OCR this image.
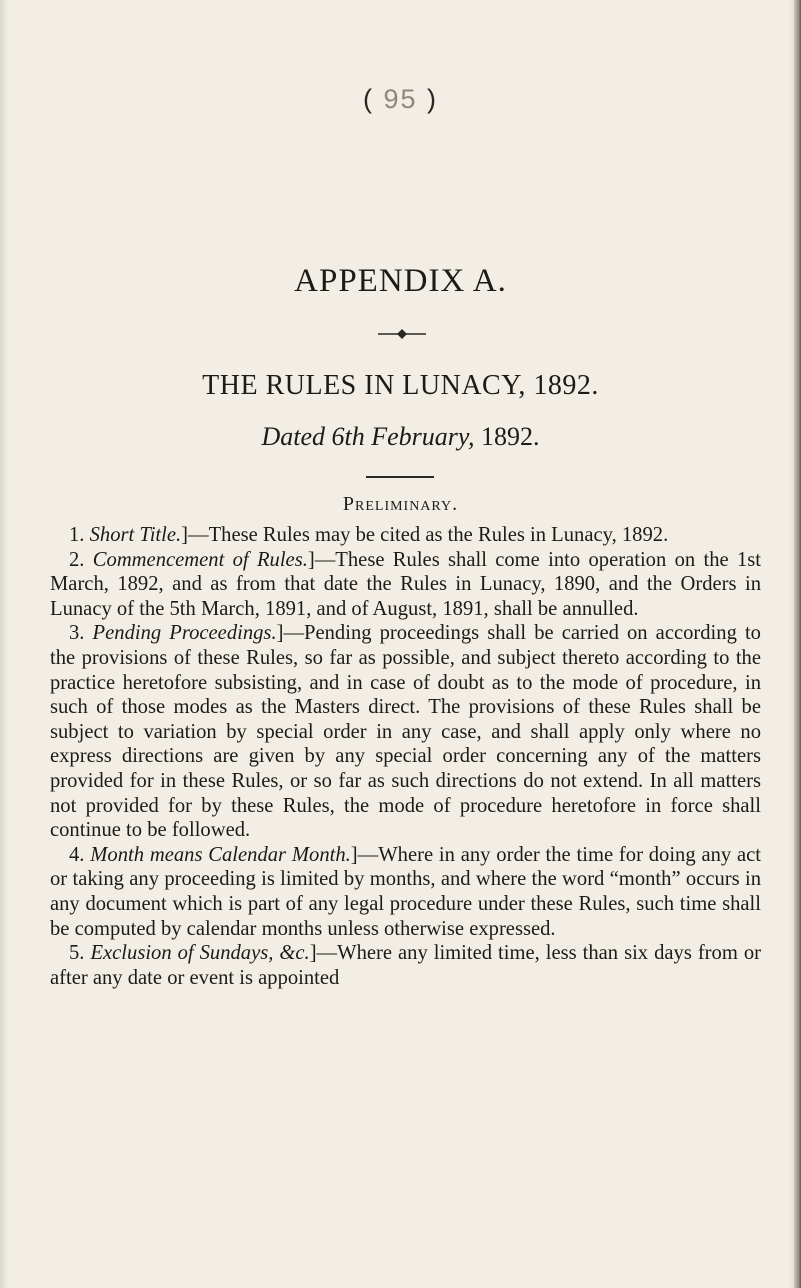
( 95 )
APPENDIX A.
THE RULES IN LUNACY, 1892.
Dated 6th February, 1892.
Preliminary.

1. Short Title.]—These Rules may be cited as the Rules in Lunacy, 1892.

2. Commencement of Rules.]—These Rules shall come into operation on the 1st March, 1892, and as from that date the Rules in Lunacy, 1890, and the Orders in Lunacy of the 5th March, 1891, and of August, 1891, shall be annulled.

3. Pending Proceedings.]—Pending proceedings shall be carried on according to the provisions of these Rules, so far as possible, and subject thereto according to the practice heretofore subsisting, and in case of doubt as to the mode of procedure, in such of those modes as the Masters direct. The provisions of these Rules shall be subject to variation by special order in any case, and shall apply only where no express directions are given by any special order concerning any of the matters provided for in these Rules, or so far as such directions do not extend. In all matters not provided for by these Rules, the mode of procedure heretofore in force shall continue to be followed.

4. Month means Calendar Month.]—Where in any order the time for doing any act or taking any proceeding is limited by months, and where the word “month” occurs in any document which is part of any legal procedure under these Rules, such time shall be computed by calendar months unless otherwise expressed.

5. Exclusion of Sundays, &c.]—Where any limited time, less than six days from or after any date or event is appointed
